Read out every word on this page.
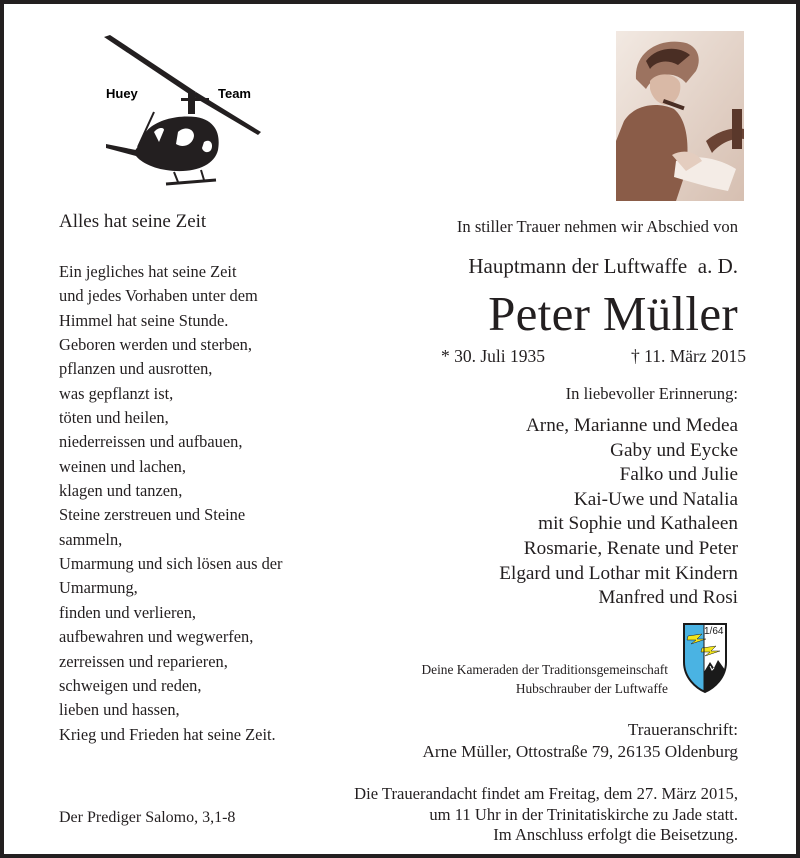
Huey	Team
Alles hat seine Zeit
Ein jegliches hat seine Zeit
und jedes Vorhaben unter dem
Himmel hat seine Stunde.
Geboren werden und sterben,
pflanzen und ausrotten,
was gepflanzt ist,
töten und heilen,
niederreissen und aufbauen,
weinen und lachen,
klagen und tanzen,
Steine zerstreuen und Steine
sammeln,
Umarmung und sich lösen aus der
Umarmung,
finden und verlieren,
aufbewahren und wegwerfen,
zerreissen und reparieren,
schweigen und reden,
lieben und hassen,
Krieg und Frieden hat seine Zeit.
Der Prediger Salomo, 3,1-8
In stiller Trauer nehmen wir Abschied von
Hauptmann der Luftwaffe  a. D.
Peter Müller
* 30. Juli 1935	† 11. März 2015
In liebevoller Erinnerung:
Arne, Marianne und Medea
Gaby und Eycke
Falko und Julie
Kai-Uwe und Natalia
mit Sophie und Kathaleen
Rosmarie, Renate und Peter
Elgard und Lothar mit Kindern
Manfred und Rosi
1/64
Deine Kameraden der Traditionsgemeinschaft
Hubschrauber der Luftwaffe
Traueranschrift:
Arne Müller, Ottostraße 79, 26135 Oldenburg
Die Trauerandacht findet am Freitag, dem 27. März 2015,
um 11 Uhr in der Trinitatiskirche zu Jade statt.
Im Anschluss erfolgt die Beisetzung.
